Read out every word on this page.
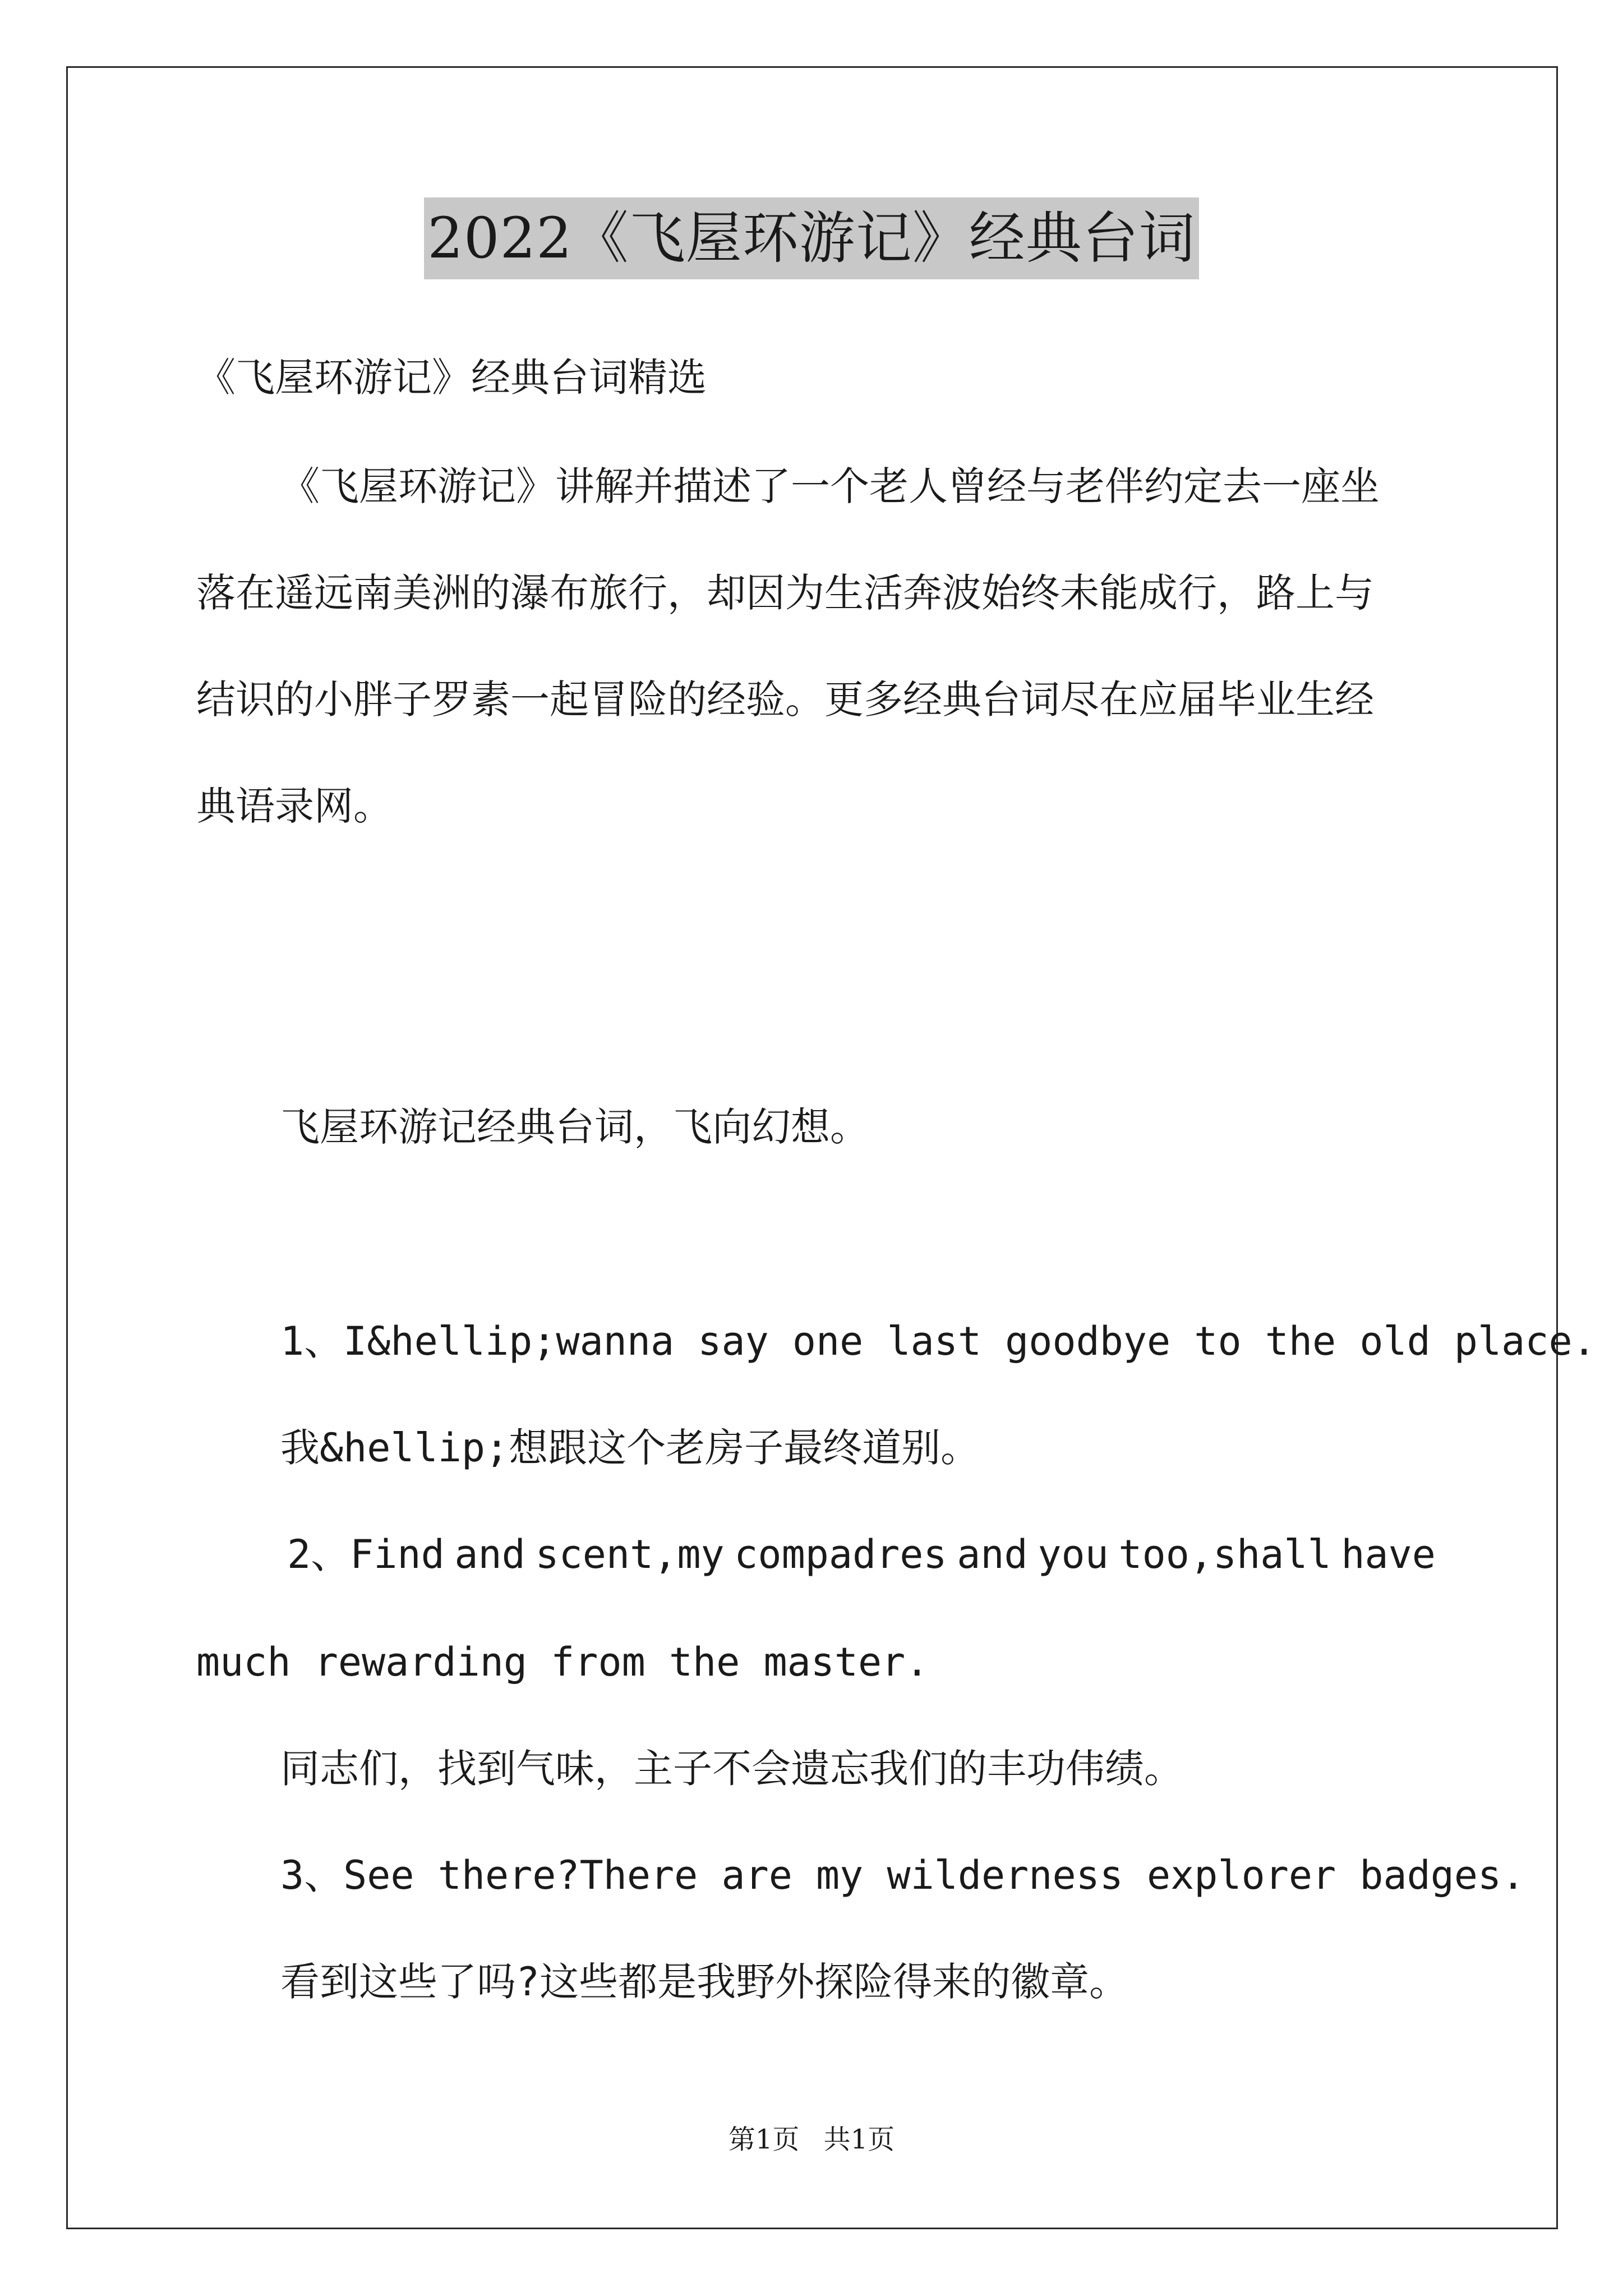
2022《飞屋环游记》经典台词
《飞屋环游记》经典台词精选
《飞屋环游记》讲解并描述了一个老人曾经与老伴约定去一座坐
落在遥远南美洲的瀑布旅行，却因为生活奔波始终未能成行，路上与
结识的小胖子罗素一起冒险的经验。更多经典台词尽在应届毕业生经
典语录网。
飞屋环游记经典台词，飞向幻想。
1、I&hellip;wanna say one last goodbye to the old place.
我&hellip;想跟这个老房子最终道别。
2、Find and scent,my compadres and you too,shall have
much rewarding from the master.
同志们，找到气味，主子不会遗忘我们的丰功伟绩。
3、See there?There are my wilderness explorer badges.
看到这些了吗?这些都是我野外探险得来的徽章。
第1页 共1页
